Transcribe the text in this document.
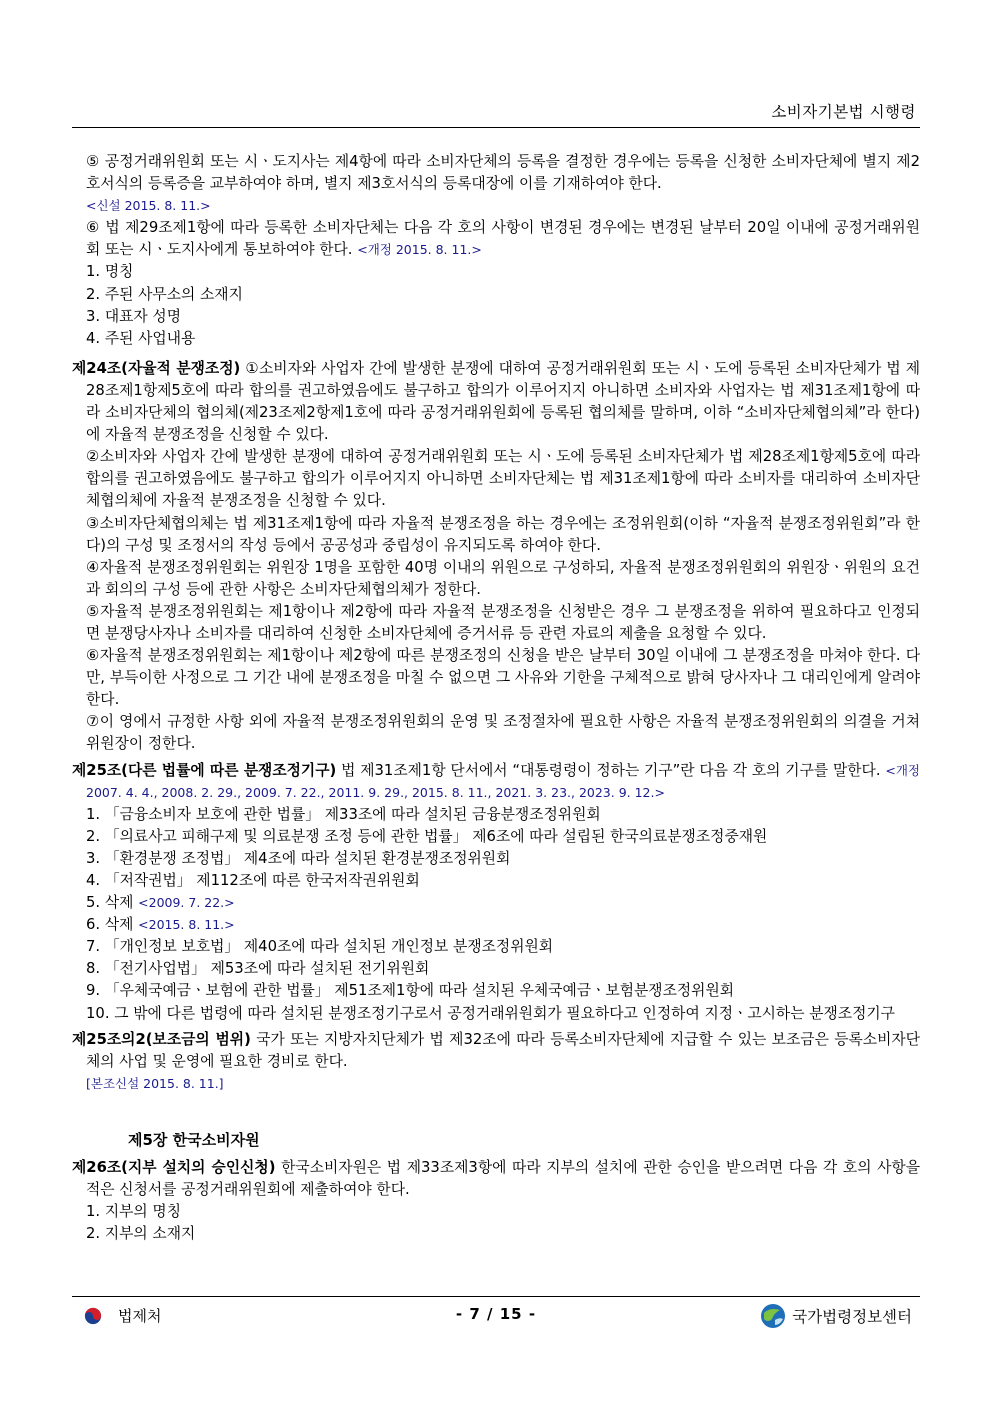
소비자기본법 시행령

⑤ 공정거래위원회 또는 시ㆍ도지사는 제4항에 따라 소비자단체의 등록을 결정한 경우에는 등록을 신청한 소비자단체에 별지 제2호서식의 등록증을 교부하여야 하며, 별지 제3호서식의 등록대장에 이를 기재하여야 한다.
<신설 2015. 8. 11.>

⑥ 법 제29조제1항에 따라 등록한 소비자단체는 다음 각 호의 사항이 변경된 경우에는 변경된 날부터 20일 이내에 공정거래위원회 또는 시ㆍ도지사에게 통보하여야 한다. <개정 2015. 8. 11.>

1. 명칭

2. 주된 사무소의 소재지

3. 대표자 성명

4. 주된 사업내용

제24조(자율적 분쟁조정) ①소비자와 사업자 간에 발생한 분쟁에 대하여 공정거래위원회 또는 시ㆍ도에 등록된 소비자단체가 법 제28조제1항제5호에 따라 합의를 권고하였음에도 불구하고 합의가 이루어지지 아니하면 소비자와 사업자는 법 제31조제1항에 따라 소비자단체의 협의체(제23조제2항제1호에 따라 공정거래위원회에 등록된 협의체를 말하며, 이하 “소비자단체협의체”라 한다)에 자율적 분쟁조정을 신청할 수 있다.

②소비자와 사업자 간에 발생한 분쟁에 대하여 공정거래위원회 또는 시ㆍ도에 등록된 소비자단체가 법 제28조제1항제5호에 따라 합의를 권고하였음에도 불구하고 합의가 이루어지지 아니하면 소비자단체는 법 제31조제1항에 따라 소비자를 대리하여 소비자단체협의체에 자율적 분쟁조정을 신청할 수 있다.

③소비자단체협의체는 법 제31조제1항에 따라 자율적 분쟁조정을 하는 경우에는 조정위원회(이하 “자율적 분쟁조정위원회”라 한다)의 구성 및 조정서의 작성 등에서 공공성과 중립성이 유지되도록 하여야 한다.

④자율적 분쟁조정위원회는 위원장 1명을 포함한 40명 이내의 위원으로 구성하되, 자율적 분쟁조정위원회의 위원장ㆍ위원의 요건과 회의의 구성 등에 관한 사항은 소비자단체협의체가 정한다.

⑤자율적 분쟁조정위원회는 제1항이나 제2항에 따라 자율적 분쟁조정을 신청받은 경우 그 분쟁조정을 위하여 필요하다고 인정되면 분쟁당사자나 소비자를 대리하여 신청한 소비자단체에 증거서류 등 관련 자료의 제출을 요청할 수 있다.

⑥자율적 분쟁조정위원회는 제1항이나 제2항에 따른 분쟁조정의 신청을 받은 날부터 30일 이내에 그 분쟁조정을 마쳐야 한다. 다만, 부득이한 사정으로 그 기간 내에 분쟁조정을 마칠 수 없으면 그 사유와 기한을 구체적으로 밝혀 당사자나 그 대리인에게 알려야 한다.

⑦이 영에서 규정한 사항 외에 자율적 분쟁조정위원회의 운영 및 조정절차에 필요한 사항은 자율적 분쟁조정위원회의 의결을 거쳐 위원장이 정한다.

제25조(다른 법률에 따른 분쟁조정기구) 법 제31조제1항 단서에서 “대통령령이 정하는 기구”란 다음 각 호의 기구를 말한다. <개정 2007. 4. 4., 2008. 2. 29., 2009. 7. 22., 2011. 9. 29., 2015. 8. 11., 2021. 3. 23., 2023. 9. 12.>

1. 「금융소비자 보호에 관한 법률」 제33조에 따라 설치된 금융분쟁조정위원회

2. 「의료사고 피해구제 및 의료분쟁 조정 등에 관한 법률」 제6조에 따라 설립된 한국의료분쟁조정중재원

3. 「환경분쟁 조정법」 제4조에 따라 설치된 환경분쟁조정위원회

4. 「저작권법」 제112조에 따른 한국저작권위원회

5. 삭제 <2009. 7. 22.>

6. 삭제 <2015. 8. 11.>

7. 「개인정보 보호법」 제40조에 따라 설치된 개인정보 분쟁조정위원회

8. 「전기사업법」 제53조에 따라 설치된 전기위원회

9. 「우체국예금ㆍ보험에 관한 법률」 제51조제1항에 따라 설치된 우체국예금ㆍ보험분쟁조정위원회

10. 그 밖에 다른 법령에 따라 설치된 분쟁조정기구로서 공정거래위원회가 필요하다고 인정하여 지정ㆍ고시하는 분쟁조정기구

제25조의2(보조금의 범위) 국가 또는 지방자치단체가 법 제32조에 따라 등록소비자단체에 지급할 수 있는 보조금은 등록소비자단체의 사업 및 운영에 필요한 경비로 한다.

[본조신설 2015. 8. 11.]

제5장 한국소비자원

제26조(지부 설치의 승인신청) 한국소비자원은 법 제33조제3항에 따라 지부의 설치에 관한 승인을 받으려면 다음 각 호의 사항을 적은 신청서를 공정거래위원회에 제출하여야 한다.

1. 지부의 명칭

2. 지부의 소재지

법제처	- 7 / 15 -	국가법령정보센터
